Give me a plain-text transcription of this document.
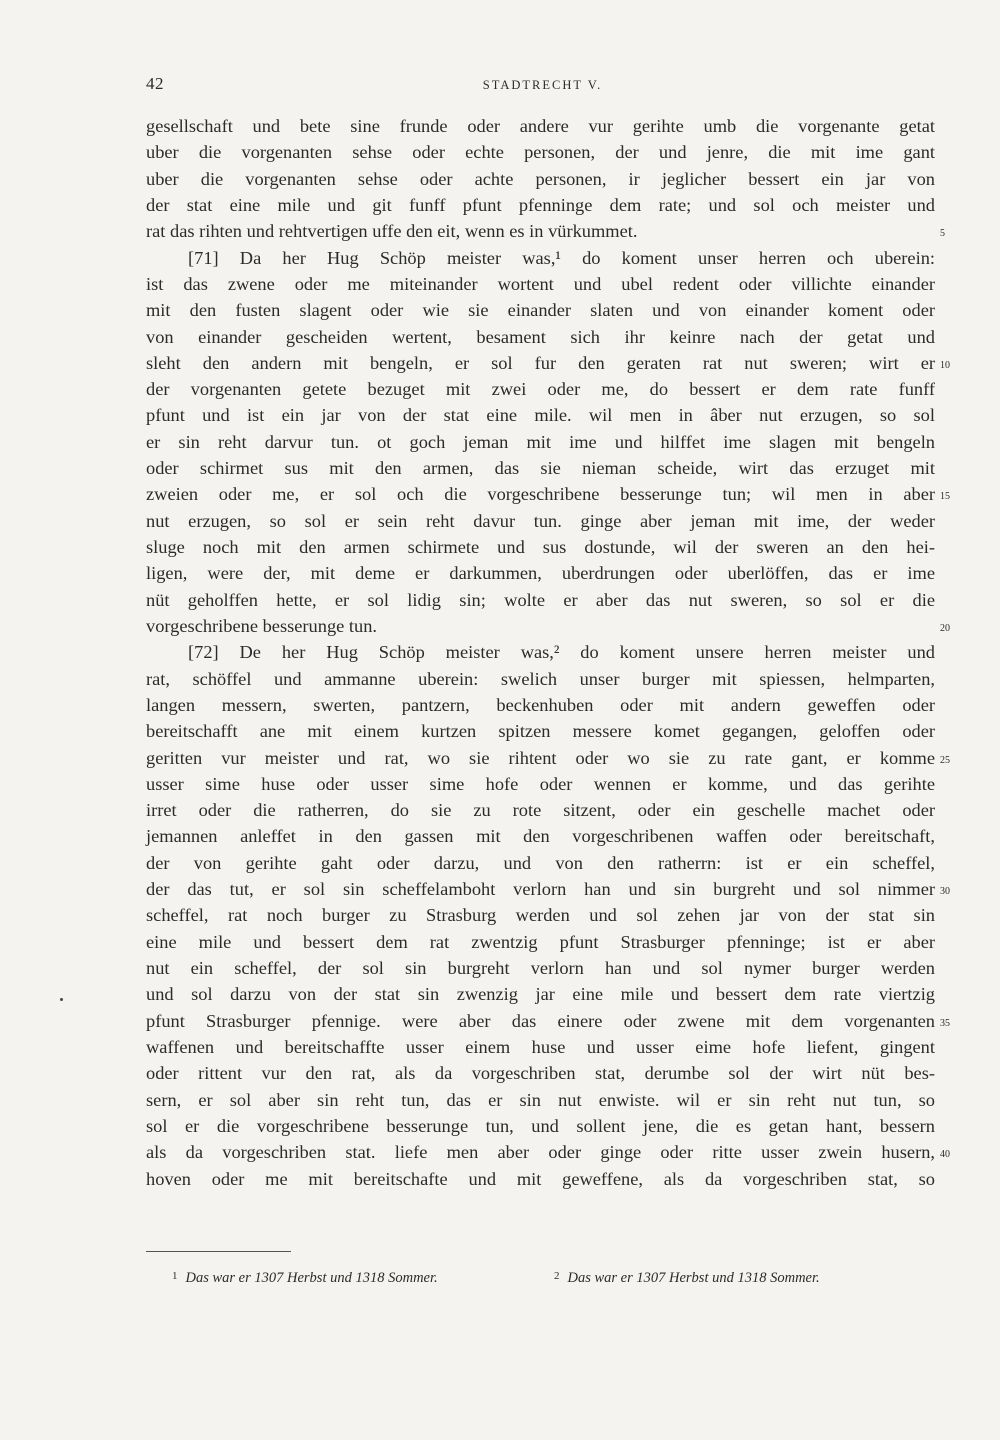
42	STADTRECHT V.
gesellschaft und bete sine frunde oder andere vur gerihte umb die vorgenante getat
uber die vorgenanten sehse oder echte personen, der und jenre, die mit ime gant
uber die vorgenanten sehse oder achte personen, ir jeglicher bessert ein jar von
der stat eine mile und git funff pfunt pfenninge dem rate; und sol och meister und
rat das rihten und rehtvertigen uffe den eit, wenn es in vürkummet.
[71] Da her Hug Schöp meister was,¹ do koment unser herren och uberein:
ist das zwene oder me miteinander wortent und ubel redent oder villichte einander
mit den fusten slagent oder wie sie einander slaten und von einander koment oder
von einander gescheiden wertent, besament sich ihr keinre nach der getat und
sleht den andern mit bengeln, er sol fur den geraten rat nut sweren; wirt er
der vorgenanten getete bezuget mit zwei oder me, do bessert er dem rate funff
pfunt und ist ein jar von der stat eine mile. wil men in âber nut erzugen, so sol
er sin reht darvur tun. ot goch jeman mit ime und hilffet ime slagen mit bengeln
oder schirmet sus mit den armen, das sie nieman scheide, wirt das erzuget mit
zweien oder me, er sol och die vorgeschribene besserunge tun; wil men in aber
nut erzugen, so sol er sein reht davur tun. ginge aber jeman mit ime, der weder
sluge noch mit den armen schirmete und sus dostunde, wil der sweren an den hei-
ligen, were der, mit deme er darkummen, uberdrungen oder uberlöffen, das er ime
nüt geholffen hette, er sol lidig sin; wolte er aber das nut sweren, so sol er die
vorgeschribene besserunge tun.
[72] De her Hug Schöp meister was,² do koment unsere herren meister und
rat, schöffel und ammanne uberein: swelich unser burger mit spiessen, helmparten,
langen messern, swerten, pantzern, beckenhuben oder mit andern geweffen oder
bereitschafft ane mit einem kurtzen spitzen messere komet gegangen, geloffen oder
geritten vur meister und rat, wo sie rihtent oder wo sie zu rate gant, er komme
usser sime huse oder usser sime hofe oder wennen er komme, und das gerihte
irret oder die ratherren, do sie zu rote sitzent, oder ein geschelle machet oder
jemannen anleffet in den gassen mit den vorgeschribenen waffen oder bereitschaft,
der von gerihte gaht oder darzu, und von den ratherrn: ist er ein scheffel,
der das tut, er sol sin scheffelamboht verlorn han und sin burgreht und sol nimmer
scheffel, rat noch burger zu Strasburg werden und sol zehen jar von der stat sin
eine mile und bessert dem rat zwentzig pfunt Strasburger pfenninge; ist er aber
nut ein scheffel, der sol sin burgreht verlorn han und sol nymer burger werden
und sol darzu von der stat sin zwenzig jar eine mile und bessert dem rate viertzig
pfunt Strasburger pfennige. were aber das einere oder zwene mit dem vorgenanten
waffenen und bereitschaffte usser einem huse und usser eime hofe liefent, gingent
oder rittent vur den rat, als da vorgeschriben stat, derumbe sol der wirt nüt bes-
sern, er sol aber sin reht tun, das er sin nut enwiste. wil er sin reht nut tun, so
sol er die vorgeschribene besserunge tun, und sollent jene, die es getan hant, bessern
als da vorgeschriben stat. liefe men aber oder ginge oder ritte usser zwein husern,
hoven oder me mit bereitschafte und mit geweffene, als da vorgeschriben stat, so
5
10
15
20
25
30
35
40
$^1$ Das war er 1307 Herbst und 1318 Sommer.	$^2$ Das war er 1307 Herbst und 1318 Sommer.
